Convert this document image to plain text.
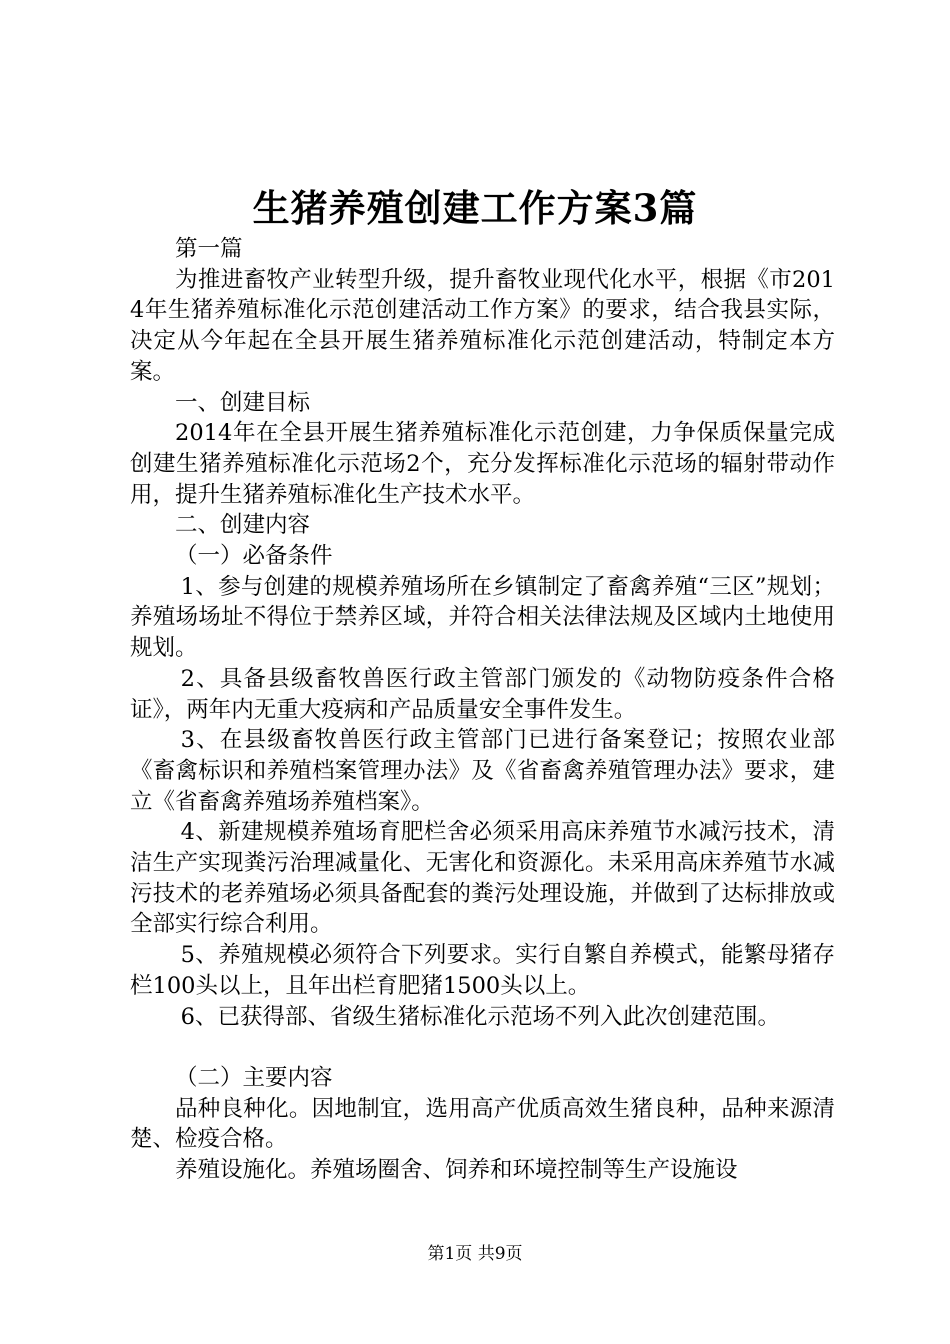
生猪养殖创建工作方案3篇

第一篇

为推进畜牧产业转型升级，提升畜牧业现代化水平，根据《市2014年生猪养殖标准化示范创建活动工作方案》的要求，结合我县实际，决定从今年起在全县开展生猪养殖标准化示范创建活动，特制定本方案。

一、创建目标

2014年在全县开展生猪养殖标准化示范创建，力争保质保量完成创建生猪养殖标准化示范场2个，充分发挥标准化示范场的辐射带动作用，提升生猪养殖标准化生产技术水平。

二、创建内容

（一）必备条件

1、参与创建的规模养殖场所在乡镇制定了畜禽养殖“三区”规划；养殖场场址不得位于禁养区域，并符合相关法律法规及区域内土地使用规划。

2、具备县级畜牧兽医行政主管部门颁发的《动物防疫条件合格证》，两年内无重大疫病和产品质量安全事件发生。

3、在县级畜牧兽医行政主管部门已进行备案登记；按照农业部《畜禽标识和养殖档案管理办法》及《省畜禽养殖管理办法》要求，建立《省畜禽养殖场养殖档案》。

4、新建规模养殖场育肥栏舍必须采用高床养殖节水减污技术，清洁生产实现粪污治理减量化、无害化和资源化。未采用高床养殖节水减污技术的老养殖场必须具备配套的粪污处理设施，并做到了达标排放或全部实行综合利用。

5、养殖规模必须符合下列要求。实行自繁自养模式，能繁母猪存栏100头以上，且年出栏育肥猪1500头以上。

6、已获得部、省级生猪标准化示范场不列入此次创建范围。

（二）主要内容

品种良种化。因地制宜，选用高产优质高效生猪良种，品种来源清楚、检疫合格。

养殖设施化。养殖场圈舍、饲养和环境控制等生产设施设

第1页 共9页
